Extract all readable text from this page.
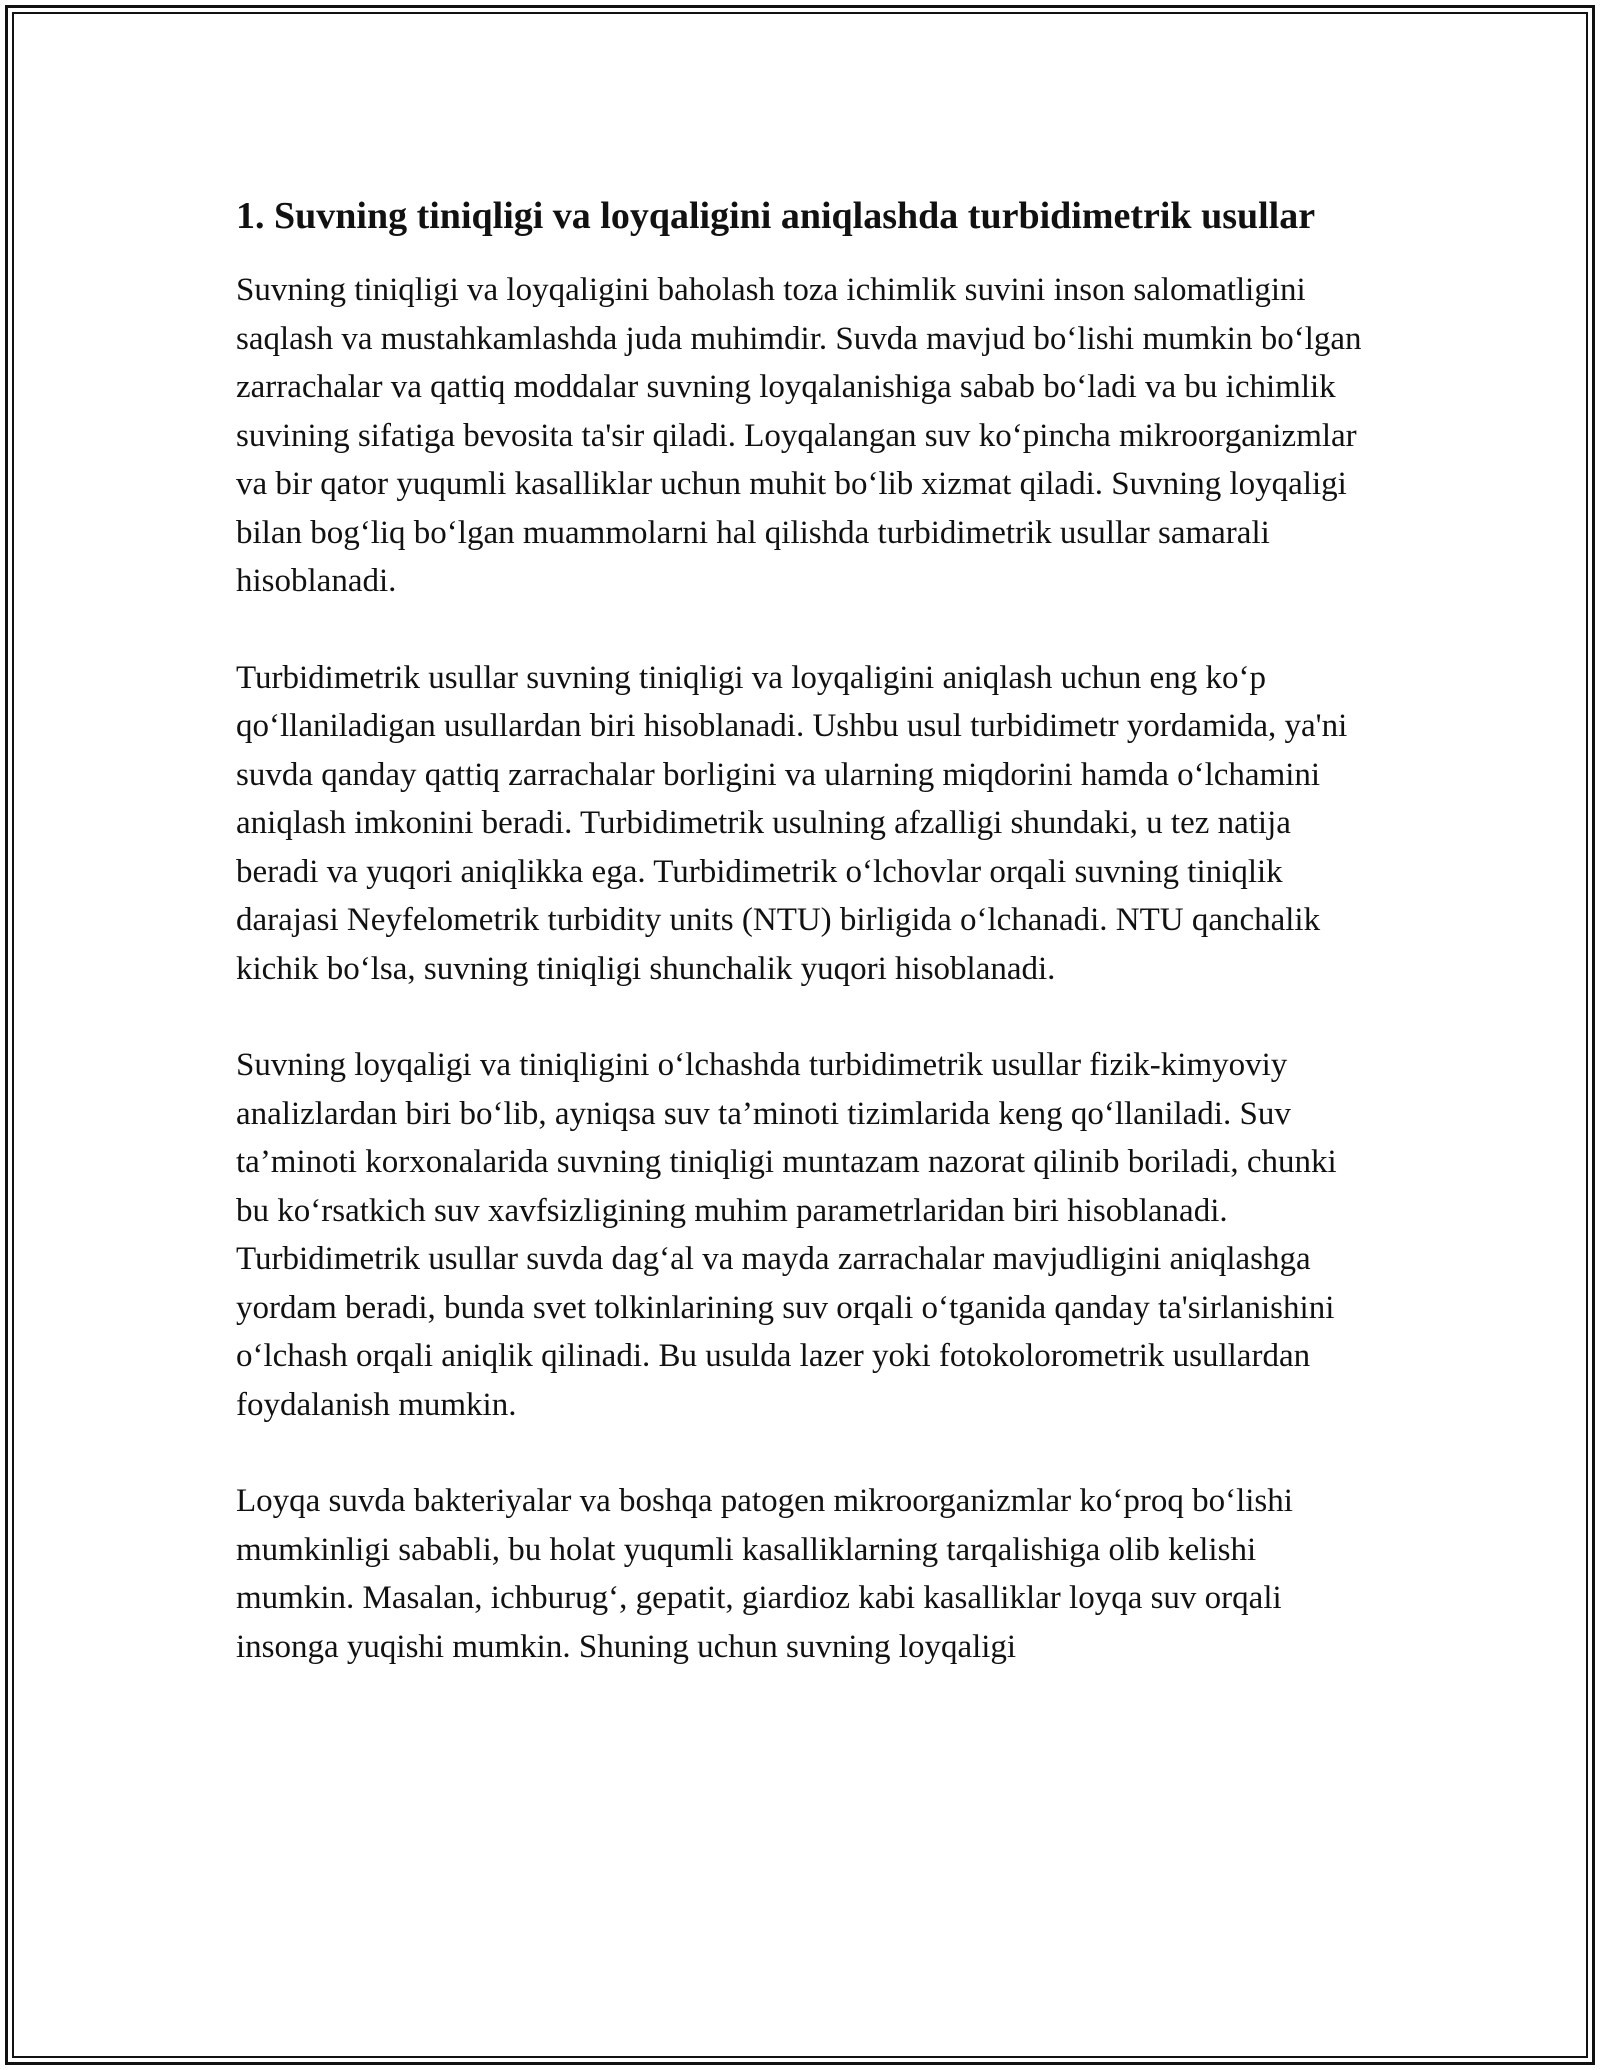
1. Suvning tiniqligi va loyqaligini aniqlashda turbidimetrik usullar

Suvning tiniqligi va loyqaligini baholash toza ichimlik suvini inson salomatligini saqlash va mustahkamlashda juda muhimdir. Suvda mavjud boʻlishi mumkin boʻlgan zarrachalar va qattiq moddalar suvning loyqalanishiga sabab boʻladi va bu ichimlik suvining sifatiga bevosita ta'sir qiladi. Loyqalangan suv koʻpincha mikroorganizmlar va bir qator yuqumli kasalliklar uchun muhit boʻlib xizmat qiladi. Suvning loyqaligi bilan bogʻliq boʻlgan muammolarni hal qilishda turbidimetrik usullar samarali hisoblanadi.

Turbidimetrik usullar suvning tiniqligi va loyqaligini aniqlash uchun eng koʻp qoʻllaniladigan usullardan biri hisoblanadi. Ushbu usul turbidimetr yordamida, ya'ni suvda qanday qattiq zarrachalar borligini va ularning miqdorini hamda oʻlchamini aniqlash imkonini beradi. Turbidimetrik usulning afzalligi shundaki, u tez natija beradi va yuqori aniqlikka ega. Turbidimetrik oʻlchovlar orqali suvning tiniqlik darajasi Neyfelometrik turbidity units (NTU) birligida oʻlchanadi. NTU qanchalik kichik boʻlsa, suvning tiniqligi shunchalik yuqori hisoblanadi.

Suvning loyqaligi va tiniqligini oʻlchashda turbidimetrik usullar fizik-kimyoviy analizlardan biri boʻlib, ayniqsa suv ta’minoti tizimlarida keng qoʻllaniladi. Suv ta’minoti korxonalarida suvning tiniqligi muntazam nazorat qilinib boriladi, chunki bu koʻrsatkich suv xavfsizligining muhim parametrlaridan biri hisoblanadi. Turbidimetrik usullar suvda dagʻal va mayda zarrachalar mavjudligini aniqlashga yordam beradi, bunda svet tolkinlarining suv orqali oʻtganida qanday ta'sirlanishini oʻlchash orqali aniqlik qilinadi. Bu usulda lazer yoki fotokolorometrik usullardan foydalanish mumkin.

Loyqa suvda bakteriyalar va boshqa patogen mikroorganizmlar koʻproq boʻlishi mumkinligi sababli, bu holat yuqumli kasalliklarning tarqalishiga olib kelishi mumkin. Masalan, ichburugʻ, gepatit, giardioz kabi kasalliklar loyqa suv orqali insonga yuqishi mumkin. Shuning uchun suvning loyqaligi
